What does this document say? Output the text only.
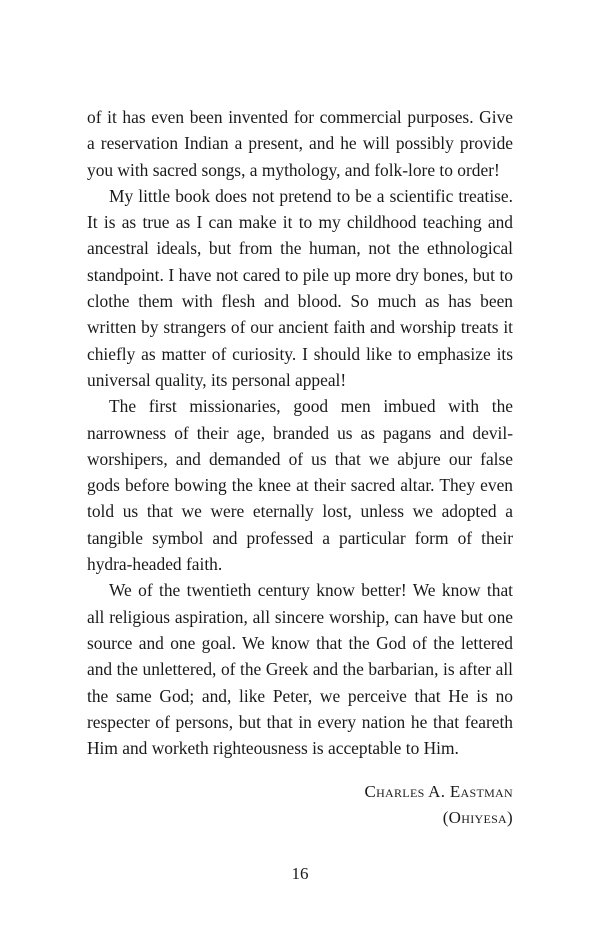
of it has even been invented for commercial purposes. Give a reservation Indian a present, and he will possibly provide you with sacred songs, a mythology, and folk-lore to order!

My little book does not pretend to be a scientific treatise. It is as true as I can make it to my childhood teaching and ancestral ideals, but from the human, not the ethnological standpoint. I have not cared to pile up more dry bones, but to clothe them with flesh and blood. So much as has been written by strangers of our ancient faith and worship treats it chiefly as matter of curiosity. I should like to emphasize its universal quality, its personal appeal!

The first missionaries, good men imbued with the narrowness of their age, branded us as pagans and devil-worshipers, and demanded of us that we abjure our false gods before bowing the knee at their sacred altar. They even told us that we were eternally lost, unless we adopted a tangible symbol and professed a particular form of their hydra-headed faith.

We of the twentieth century know better! We know that all religious aspiration, all sincere worship, can have but one source and one goal. We know that the God of the lettered and the unlettered, of the Greek and the barbarian, is after all the same God; and, like Peter, we perceive that He is no respecter of persons, but that in every nation he that feareth Him and worketh righteousness is acceptable to Him.

Charles A. Eastman
(Ohiyesa)
16
